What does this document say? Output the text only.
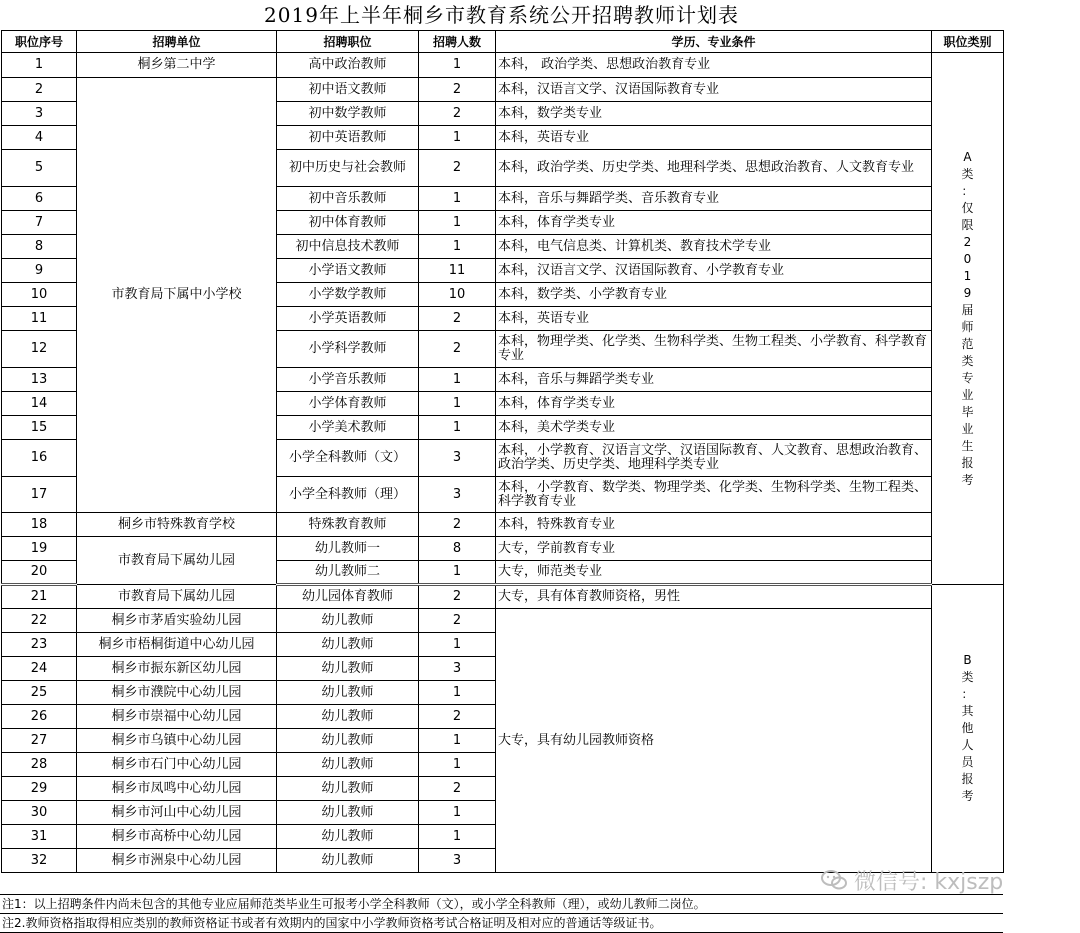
2019年上半年桐乡市教育系统公开招聘教师计划表
职位序号	招聘单位	招聘职位	招聘人数	学历、专业条件	职位类别
1	桐乡第二中学	高中政治教师	1	本科， 政治学类、思想政治教育专业	A类：仅限2019届师范类专业毕业生报考

2	市教育局下属中小学校	初中语文教师	2	本科，汉语言文学、汉语国际教育专业	
3		初中数学教师	2	本科，数学类专业	
4		初中英语教师	1	本科，英语专业	
5		初中历史与社会教师	2	本科，政治学类、历史学类、地理科学类、思想政治教育、人文教育专业	
6		初中音乐教师	1	本科，音乐与舞蹈学类、音乐教育专业	
7		初中体育教师	1	本科，体育学类专业	
8		初中信息技术教师	1	本科，电气信息类、计算机类、教育技术学专业	
9		小学语文教师	11	本科，汉语言文学、汉语国际教育、小学教育专业	
10		小学数学教师	10	本科，数学类、小学教育专业	
11		小学英语教师	2	本科，英语专业	
12		小学科学教师	2	本科，物理学类、化学类、生物科学类、生物工程类、小学教育、科学教育专业	
13		小学音乐教师	1	本科，音乐与舞蹈学类专业	
14		小学体育教师	1	本科，体育学类专业	
15		小学美术教师	1	本科，美术学类专业	
16		小学全科教师（文）	3	本科，小学教育、汉语言文学、汉语国际教育、人文教育、思想政治教育、政治学类、历史学类、地理科学类专业	
17		小学全科教师（理）	3	本科，小学教育、数学类、物理学类、化学类、生物科学类、生物工程类、科学教育专业	
18	桐乡市特殊教育学校	特殊教育教师	2	本科，特殊教育专业	
19	市教育局下属幼儿园	幼儿教师一	8	大专，学前教育专业	
20		幼儿教师二	1	大专，师范类专业	
21	市教育局下属幼儿园	幼儿园体育教师	2	大专，具有体育教师资格，男性	B类：其他人员报考

22	桐乡市茅盾实验幼儿园	幼儿教师	2	大专，具有幼儿园教师资格	
23	桐乡市梧桐街道中心幼儿园	幼儿教师	1		
24	桐乡市振东新区幼儿园	幼儿教师	3		
25	桐乡市濮院中心幼儿园	幼儿教师	1		
26	桐乡市崇福中心幼儿园	幼儿教师	2		
27	桐乡市乌镇中心幼儿园	幼儿教师	1		
28	桐乡市石门中心幼儿园	幼儿教师	1		
29	桐乡市凤鸣中心幼儿园	幼儿教师	2		
30	桐乡市河山中心幼儿园	幼儿教师	1		
31	桐乡市高桥中心幼儿园	幼儿教师	1		
32	桐乡市洲泉中心幼儿园	幼儿教师	3		
微信号: kxjszp
注1：以上招聘条件内尚未包含的其他专业应届师范类毕业生可报考小学全科教师（文），或小学全科教师（理），或幼儿教师二岗位。
注2.教师资格指取得相应类别的教师资格证书或者有效期内的国家中小学教师资格考试合格证明及相对应的普通话等级证书。
